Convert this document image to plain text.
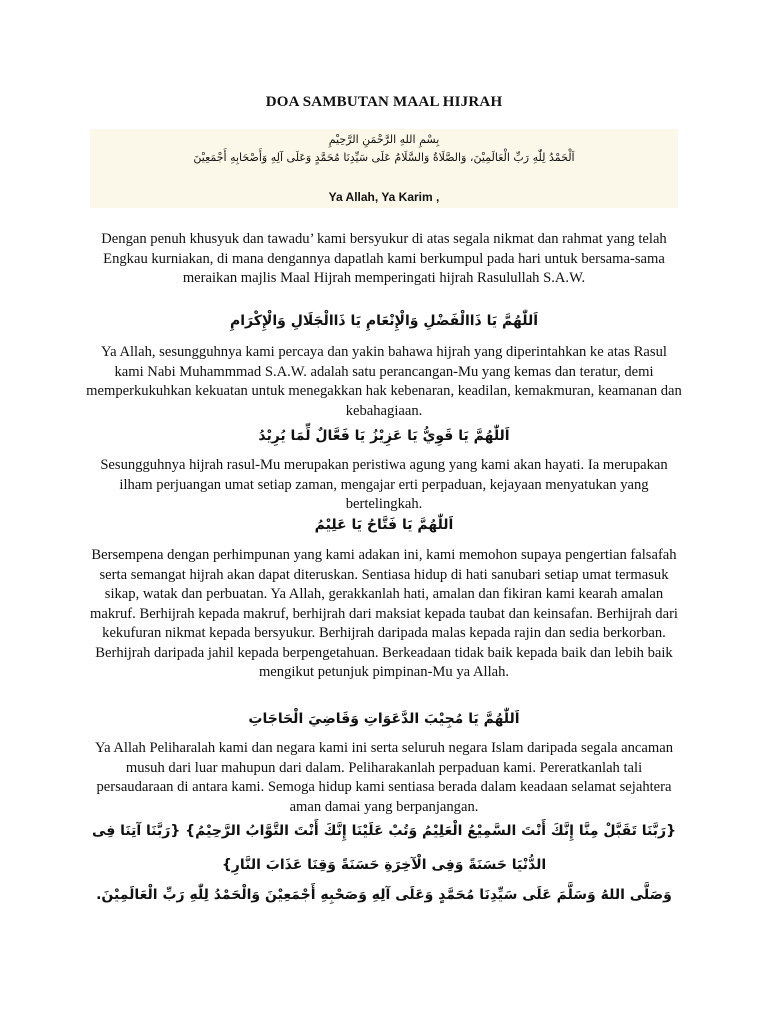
DOA SAMBUTAN MAAL HIJRAH
بِسْمِ اللهِ الرَّحْمَنِ الرَّحِيْمِ
اَلْحَمْدُ لِلّٰهِ رَبِّ الْعَالَمِيْنَ، وَالصَّلَاةُ وَالسَّلَامُ عَلَى سَيِّدِنَا مُحَمَّدٍ وَعَلَى آلِهِ وَأَصْحَابِهِ أَجْمَعِيْنَ
Ya Allah, Ya Karim ,
Dengan penuh khusyuk dan tawadu’ kami bersyukur di atas segala nikmat dan rahmat yang telah Engkau kurniakan, di mana dengannya dapatlah kami berkumpul pada hari untuk bersama-sama meraikan majlis Maal Hijrah memperingati hijrah Rasulullah S.A.W.
اَللّٰهُمَّ يَا ذَاالْفَضْلِ وَالْإِنْعَامِ يَا ذَاالْجَلَالِ وَالْإِكْرَامِ
Ya Allah, sesungguhnya kami percaya dan yakin bahawa hijrah yang diperintahkan ke atas Rasul kami Nabi Muhammmad S.A.W. adalah satu perancangan-Mu yang kemas dan teratur, demi memperkukuhkan kekuatan untuk menegakkan hak kebenaran, keadilan, kemakmuran, keamanan dan kebahagiaan.
اَللّٰهُمَّ يَا قَوِيُّ يَا عَزِيْزُ يَا فَعَّالٌ لِّمَا يُرِيْدُ
Sesungguhnya hijrah rasul-Mu merupakan peristiwa agung yang kami akan hayati. Ia merupakan ilham perjuangan umat setiap zaman, mengajar erti perpaduan, kejayaan menyatukan yang bertelingkah.
اَللّٰهُمَّ يَا فَتَّاحُ يَا عَلِيْمُ
Bersempena dengan perhimpunan yang kami adakan ini, kami memohon supaya pengertian falsafah serta semangat hijrah akan dapat diteruskan. Sentiasa hidup di hati sanubari setiap umat termasuk sikap, watak dan perbuatan. Ya Allah, gerakkanlah hati, amalan dan fikiran kami kearah amalan makruf. Berhijrah kepada makruf, berhijrah dari maksiat kepada taubat dan keinsafan. Berhijrah dari kekufuran nikmat kepada bersyukur. Berhijrah daripada malas kepada rajin dan sedia berkorban. Berhijrah daripada jahil kepada berpengetahuan. Berkeadaan tidak baik kepada baik dan lebih baik mengikut petunjuk pimpinan-Mu ya Allah.
اَللّٰهُمَّ يَا مُجِيْبَ الدَّعَوَاتِ وَقَاضِيَ الْحَاجَاتِ
Ya Allah Peliharalah kami dan negara kami ini serta seluruh negara Islam daripada segala ancaman musuh dari luar mahupun dari dalam. Peliharakanlah perpaduan kami. Pereratkanlah tali persaudaraan di antara kami. Semoga hidup kami sentiasa berada dalam keadaan selamat sejahtera aman damai yang berpanjangan.
{رَبَّنَا تَقَبَّلْ مِنَّا إِنَّكَ أَنْتَ السَّمِيْعُ الْعَلِيْمُ وَتُبْ عَلَيْنَا إِنَّكَ أَنْتَ التَّوَّابُ الرَّحِيْمُ} {رَبَّنَا آتِنَا فِى الدُّنْيَا حَسَنَةً وَفِى الْآخِرَةِ حَسَنَةً وَقِنَا عَذَابَ النَّارِ}
وَصَلَّى اللهُ وَسَلَّمَ عَلَى سَيِّدِنَا مُحَمَّدٍ وَعَلَى آلِهِ وَصَحْبِهِ أَجْمَعِيْنَ وَالْحَمْدُ لِلّٰهِ رَبِّ الْعَالَمِيْنَ.
